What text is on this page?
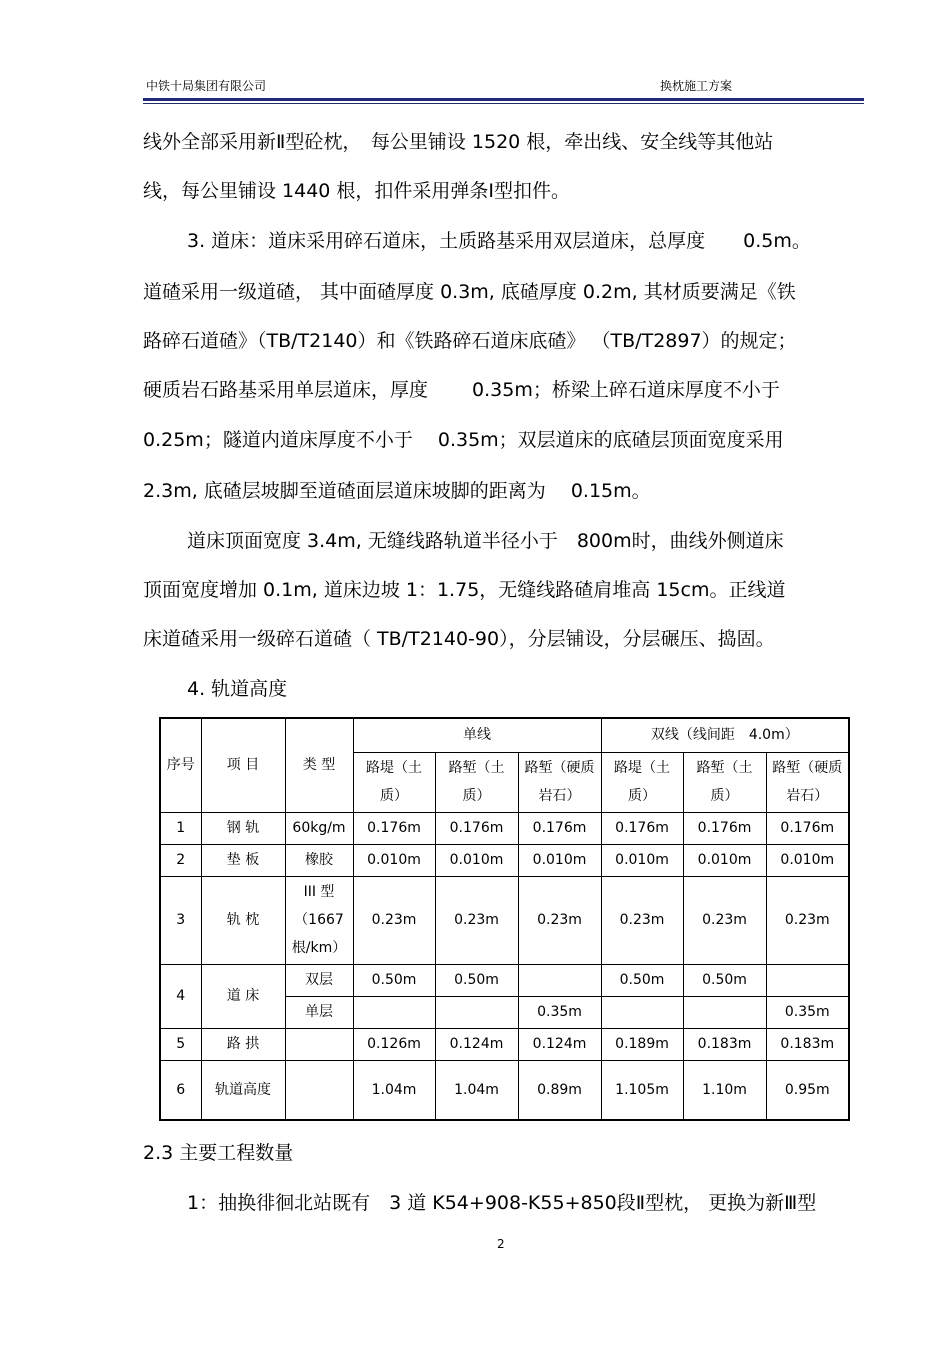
中铁十局集团有限公司	换枕施工方案
线外全部采用新Ⅱ型砼枕，　每公里铺设 1520 根，牵出线、安全线等其他站
线，每公里铺设 1440 根，扣件采用弹条Ⅰ型扣件。
3. 道床：道床采用碎石道床，土质路基采用双层道床，总厚度　　0.5m。
道碴采用一级道碴， 其中面碴厚度 0.3m, 底碴厚度 0.2m, 其材质要满足《铁
路碎石道碴》（TB/T2140）和《铁路碎石道床底碴》 （TB/T2897）的规定；
硬质岩石路基采用单层道床，厚度　　 0.35m；桥梁上碎石道床厚度不小于
0.25m；隧道内道床厚度不小于　 0.35m；双层道床的底碴层顶面宽度采用
2.3m, 底碴层坡脚至道碴面层道床坡脚的距离为　 0.15m。
道床顶面宽度 3.4m, 无缝线路轨道半径小于　800m时，曲线外侧道床
顶面宽度增加 0.1m, 道床边坡 1：1.75，无缝线路碴肩堆高 15cm。正线道
床道碴采用一级碎石道碴（ TB/T2140-90），分层铺设，分层碾压、捣固。
4. 轨道高度
序号	项 目	类 型	单线			双线（线间距　4.0m）		
			路堤（土质）	路堑（土质）	路堑（硬质岩石）	路堤（土质）	路堑（土质）	路堑（硬质岩石）
1	钢 轨	60kg/m	0.176m	0.176m	0.176m	0.176m	0.176m	0.176m
2	垫 板	橡胶	0.010m	0.010m	0.010m	0.010m	0.010m	0.010m
3	轨 枕	III 型（1667根/km）	0.23m	0.23m	0.23m	0.23m	0.23m	0.23m
4	道 床	双层	0.50m	0.50m		0.50m	0.50m	
		单层			0.35m			0.35m
5	路 拱		0.126m	0.124m	0.124m	0.189m	0.183m	0.183m
6	轨道高度		1.04m	1.04m	0.89m	1.105m	1.10m	0.95m
2.3 主要工程数量
1：抽换徘徊北站既有　3 道 K54+908-K55+850段Ⅱ型枕， 更换为新Ⅲ型
2
